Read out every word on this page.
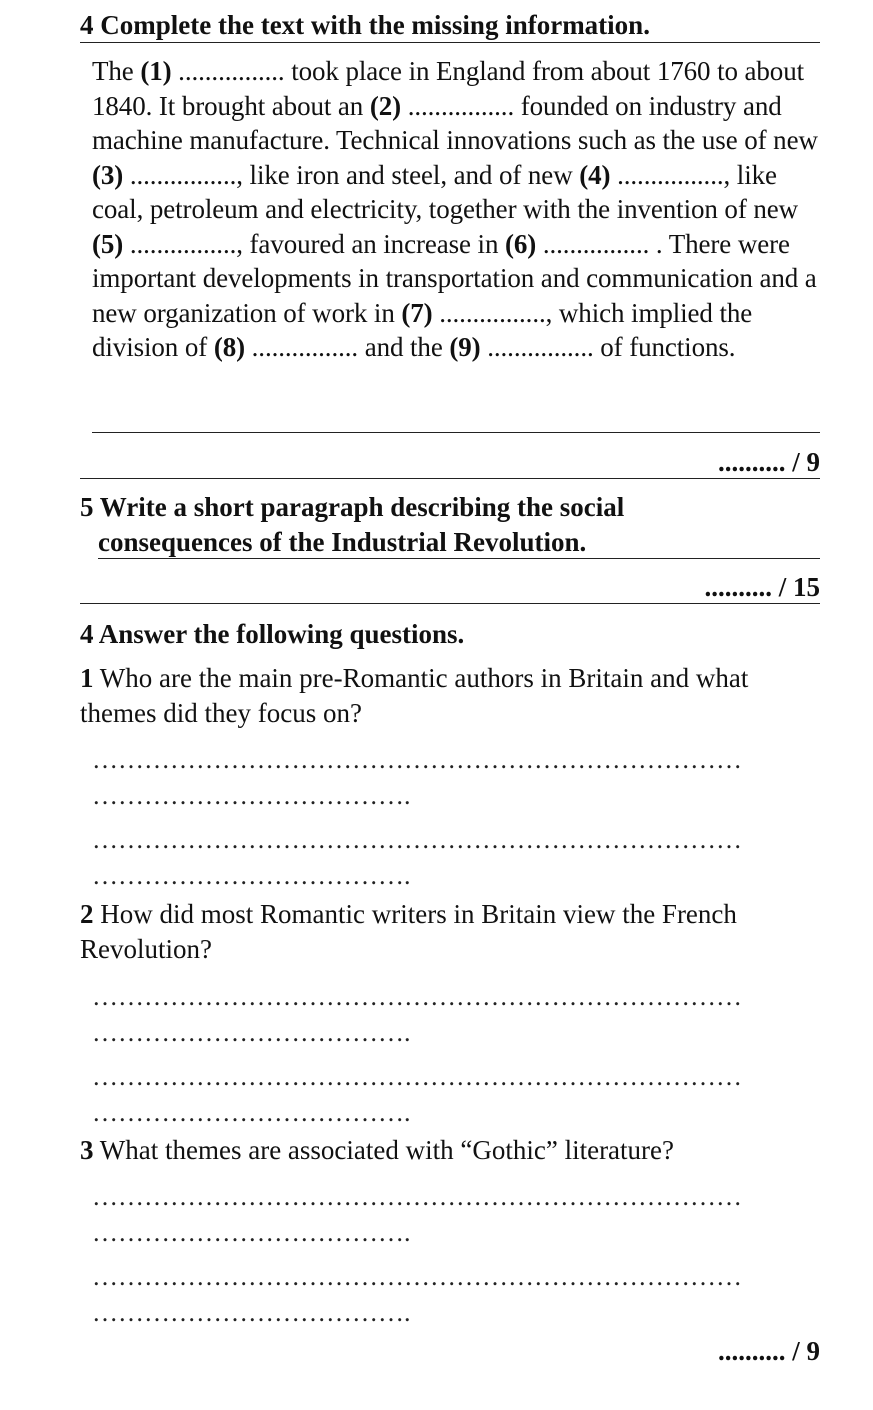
4 Complete the text with the missing information.
The (1) ................ took place in England from about 1760 to about 1840. It brought about an (2) ................ founded on industry and machine manufacture. Technical innovations such as the use of new (3) ................, like iron and steel, and of new (4) ................, like coal, petroleum and electricity, together with the invention of new (5) ................, favoured an increase in (6) ................ . There were important developments in transportation and communication and a new organization of work in (7) ................, which implied the division of (8) ................ and the (9) ................ of functions.
.......... / 9
5 Write a short paragraph describing the social
consequences of the Industrial Revolution.
.......... / 15
4 Answer the following questions.
1 Who are the main pre-Romantic authors in Britain and what themes did they focus on?
…………………………………………………………………
……………………………….
…………………………………………………………………
……………………………….
2 How did most Romantic writers in Britain view the French Revolution?
…………………………………………………………………
……………………………….
…………………………………………………………………
……………………………….
3 What themes are associated with “Gothic” literature?
…………………………………………………………………
……………………………….
…………………………………………………………………
……………………………….
.......... / 9
